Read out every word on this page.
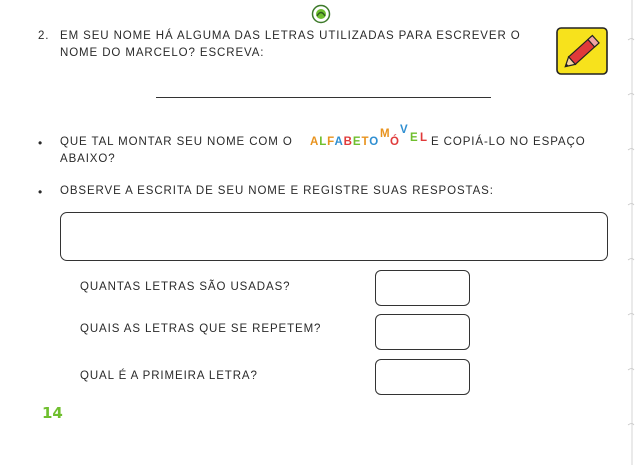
2. EM SEU NOME HÁ ALGUMA DAS LETRAS UTILIZADAS PARA ESCREVER O
NOME DO MARCELO? ESCREVA:
• QUE TAL MONTAR SEU NOME COM O ALFABETO
M
Ó
V
E L E COPIÁ-LO NO ESPAÇO
ABAIXO?
• OBSERVE A ESCRITA DE SEU NOME E REGISTRE SUAS RESPOSTAS:
QUANTAS LETRAS SÃO USADAS?
QUAIS AS LETRAS QUE SE REPETEM?
QUAL É A PRIMEIRA LETRA?
14
